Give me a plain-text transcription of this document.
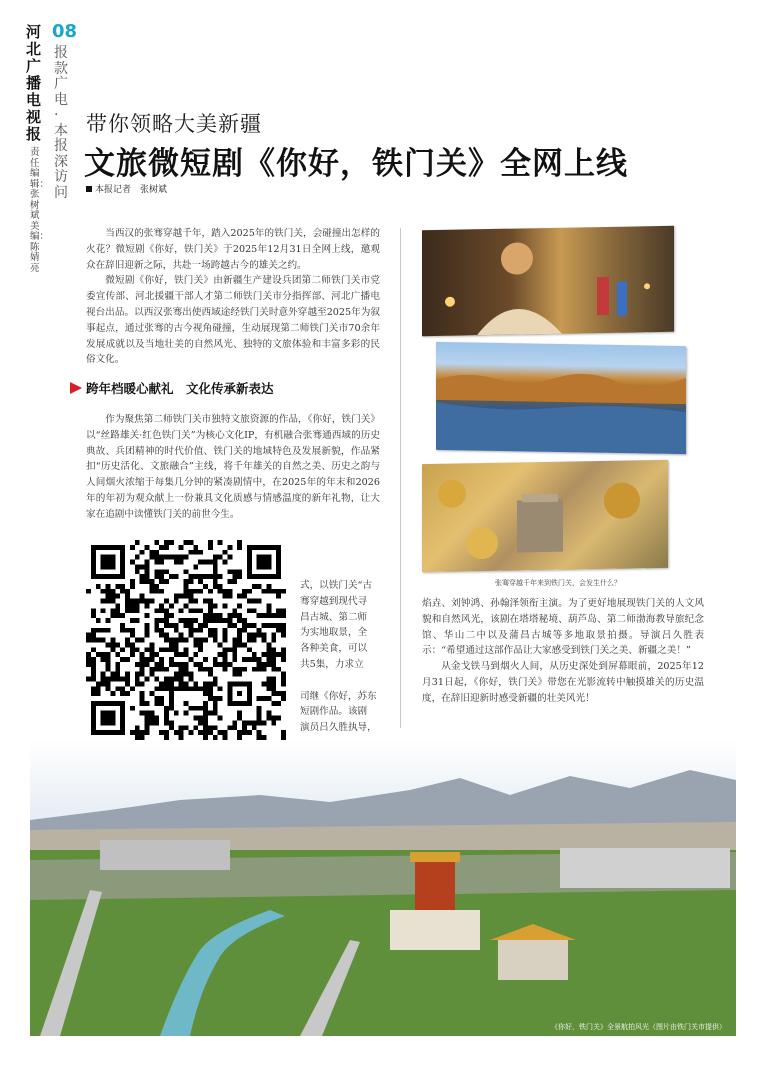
08
河北广播电视报
报款广电·本报深访问
责任编辑：张树斌 美编：陈婧亮
带你领略大美新疆
文旅微短剧《你好，铁门关》全网上线
本报记者　张树斌

当西汉的张骞穿越千年，踏入2025年的铁门关，会碰撞出怎样的火花？微短剧《你好，铁门关》于2025年12月31日全网上线，邀观众在辞旧迎新之际，共赴一场跨越古今的雄关之约。

微短剧《你好，铁门关》由新疆生产建设兵团第二师铁门关市党委宣传部、河北援疆干部人才第二师铁门关市分指挥部、河北广播电视台出品。以西汉张骞出使西域途经铁门关时意外穿越至2025年为叙事起点，通过张骞的古今视角碰撞，生动展现第二师铁门关市70余年发展成就以及当地壮美的自然风光、独特的文旅体验和丰富多彩的民俗文化。

跨年档暖心献礼　文化传承新表达

作为聚焦第二师铁门关市独特文旅资源的作品，《你好，铁门关》以“丝路雄关·红色铁门关”为核心文化IP，有机融合张骞通西域的历史典故、兵团精神的时代价值、铁门关的地域特色及发展新貌，作品紧扣“历史活化、文旅融合”主线，将千年雄关的自然之美、历史之韵与人间烟火浓缩于每集几分钟的紧凑剧情中，在2025年的年末和2026年的年初为观众献上一份兼具文化质感与情感温度的新年礼物，让大家在追剧中读懂铁门关的前世今生。

式，以铁门关“古

骞穿越到现代寻

昌古城、第二师

为实地取景，全

各种美食，可以

共5集，力求立

司继《你好，苏东

短剧作品。该剧

演员吕久胜执导，

张骞穿越千年来到铁门关，会发生什么？

焰垚、刘钟鸿、孙翰泽领衔主演。为了更好地展现铁门关的人文风貌和自然风光，该剧在塔塔秘境、葫芦岛、第二师渤海教导旅纪念馆、华山二中以及蒲昌古城等多地取景拍摄。导演吕久胜表示：“希望通过这部作品让大家感受到铁门关之美、新疆之美！”

从金戈铁马到烟火人间，从历史深处到屏幕眼前，2025年12月31日起，《你好，铁门关》带您在光影流转中触摸雄关的历史温度，在辞旧迎新时感受新疆的壮美风光！

《你好，铁门关》全景航拍风光（图片由铁门关市提供）
